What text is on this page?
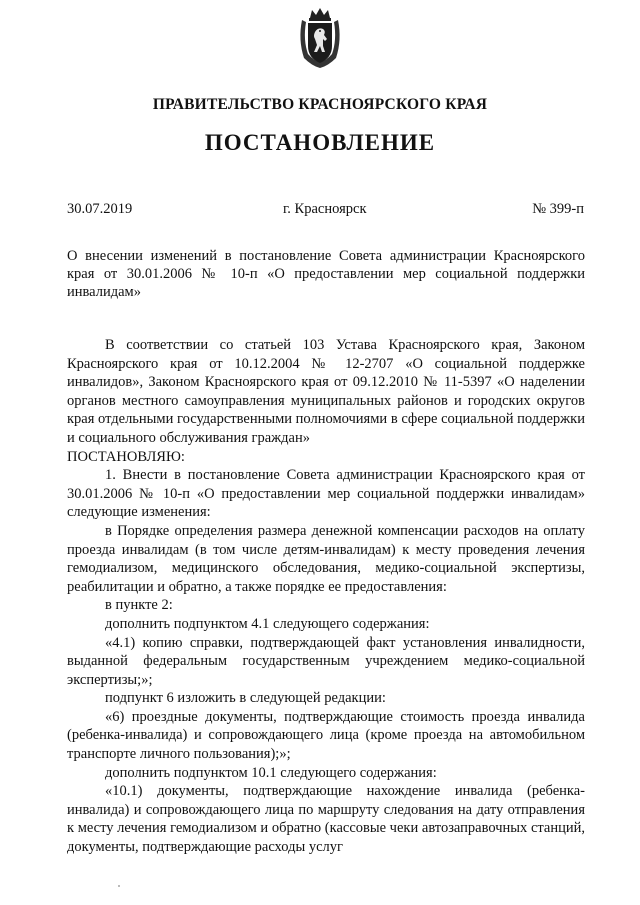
ПРАВИТЕЛЬСТВО КРАСНОЯРСКОГО КРАЯ
ПОСТАНОВЛЕНИЕ
30.07.2019	г. Красноярск	№ 399-п
О внесении изменений в постановление Совета администрации Красноярского края от 30.01.2006 № 10-п «О предоставлении мер социальной поддержки инвалидам»

В соответствии со статьей 103 Устава Красноярского края, Законом Красноярского края от 10.12.2004 № 12-2707 «О социальной поддержке инвалидов», Законом Красноярского края от 09.12.2010 № 11-5397 «О наделении органов местного самоуправления муниципальных районов и городских округов края отдельными государственными полномочиями в сфере социальной поддержки и социального обслуживания граждан»

ПОСТАНОВЛЯЮ:

1. Внести в постановление Совета администрации Красноярского края от 30.01.2006 № 10-п «О предоставлении мер социальной поддержки инвалидам» следующие изменения:

в Порядке определения размера денежной компенсации расходов на оплату проезда инвалидам (в том числе детям-инвалидам) к месту проведения лечения гемодиализом, медицинского обследования, медико-социальной экспертизы, реабилитации и обратно, а также порядке ее предоставления:

в пункте 2:

дополнить подпунктом 4.1 следующего содержания:

«4.1) копию справки, подтверждающей факт установления инвалидности, выданной федеральным государственным учреждением медико-социальной экспертизы;»;

подпункт 6 изложить в следующей редакции:

«6) проездные документы, подтверждающие стоимость проезда инвалида (ребенка-инвалида) и сопровождающего лица (кроме проезда на автомобильном транспорте личного пользования);»;

дополнить подпунктом 10.1 следующего содержания:

«10.1) документы, подтверждающие нахождение инвалида (ребенка-инвалида) и сопровождающего лица по маршруту следования на дату отправления к месту лечения гемодиализом и обратно (кассовые чеки автозаправочных станций, документы, подтверждающие расходы услуг
